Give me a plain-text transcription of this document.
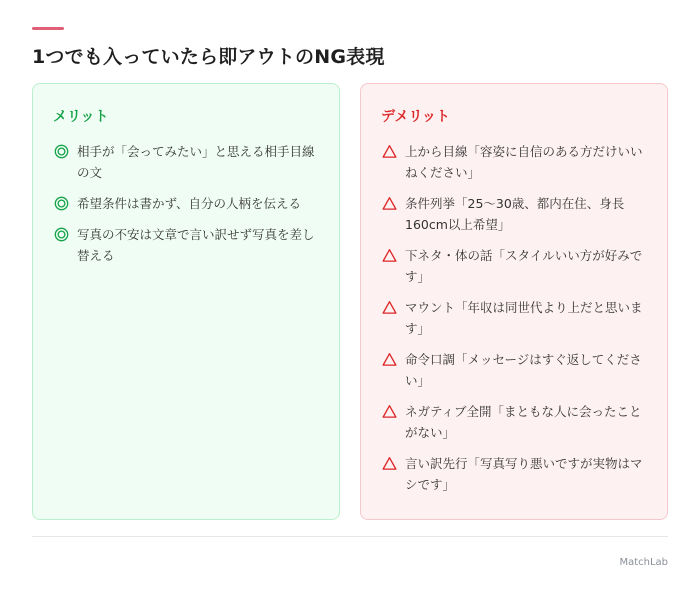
1つでも入っていたら即アウトのNG表現
メリット
相手が「会ってみたい」と思える相手目線の文
希望条件は書かず、自分の人柄を伝える
写真の不安は文章で言い訳せず写真を差し替える
デメリット
上から目線「容姿に自信のある方だけいいねください」
条件列挙「25〜30歳、都内在住、身長160cm以上希望」
下ネタ・体の話「スタイルいい方が好みです」
マウント「年収は同世代より上だと思います」
命令口調「メッセージはすぐ返してください」
ネガティブ全開「まともな人に会ったことがない」
言い訳先行「写真写り悪いですが実物はマシです」
MatchLab
